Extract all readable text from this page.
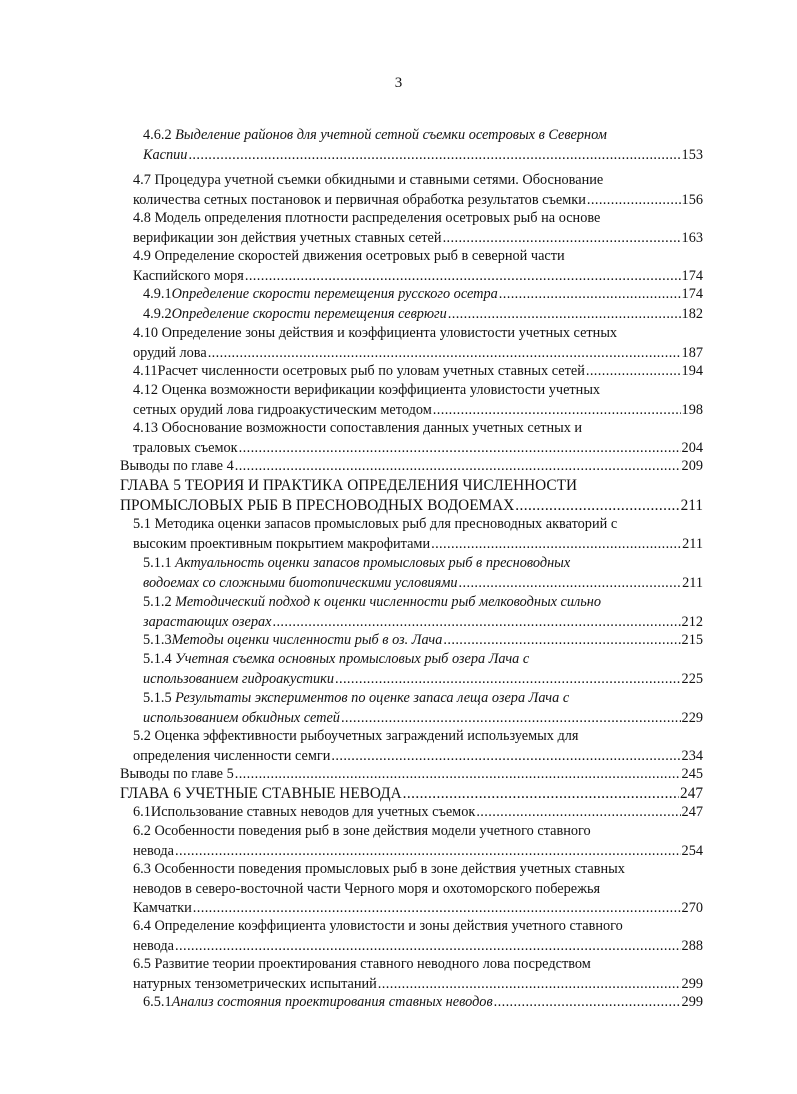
3
4.6.2 Выделение районов для учетной сетной съемки осетровых в Северном
Каспии .....	153
4.7 Процедура учетной съемки обкидными и ставными сетями. Обоснование
количества сетных постановок и первичная обработка результатов съемки .....	156
4.8 Модель определения плотности распределения осетровых рыб на основе
верификации зон действия учетных ставных сетей .....	163
4.9 Определение скоростей движения осетровых рыб в северной части
Каспийского моря .....	174
4.9.1 Определение скорости перемещения русского осетра .....	174
4.9.2 Определение скорости перемещения севрюги .....	182
4.10 Определение зоны действия и коэффициента уловистости учетных сетных
орудий лова .....	187
4.11 Расчет численности осетровых рыб по уловам учетных ставных сетей .....	194
4.12 Оценка возможности верификации коэффициента уловистости учетных
сетных орудий лова гидроакустическим методом .....	198
4.13 Обоснование возможности сопоставления данных учетных сетных и
траловых съемок .....	204
Выводы по главе 4 .....	209
ГЛАВА 5 ТЕОРИЯ И ПРАКТИКА ОПРЕДЕЛЕНИЯ ЧИСЛЕННОСТИ
ПРОМЫСЛОВЫХ РЫБ В ПРЕСНОВОДНЫХ ВОДОЕМАХ .....	211
5.1 Методика оценки запасов промысловых рыб для пресноводных акваторий с
высоким проективным покрытием макрофитами .....	211
5.1.1 Актуальность оценки запасов промысловых рыб в пресноводных
водоемах со сложными биотопическими условиями .....	211
5.1.2 Методический подход к оценки численности рыб мелководных сильно
зарастающих озерах .....	212
5.1.3 Методы оценки численности рыб в оз. Лача .....	215
5.1.4 Учетная съемка основных промысловых рыб озера Лача с
использованием гидроакустики .....	225
5.1.5 Результаты экспериментов по оценке запаса леща озера Лача с
использованием обкидных сетей .....	229
5.2 Оценка эффективности рыбоучетных заграждений используемых для
определения численности семги .....	234
Выводы по главе 5 .....	245
ГЛАВА 6 УЧЕТНЫЕ СТАВНЫЕ НЕВОДА .....	247
6.1 Использование ставных неводов для учетных съемок .....	247
6.2 Особенности поведения рыб в зоне действия модели учетного ставного
невода .....	254
6.3 Особенности поведения промысловых рыб в зоне действия учетных ставных
неводов в северо-восточной части Черного моря и охотоморского побережья
Камчатки .....	270
6.4 Определение коэффициента уловистости и зоны действия учетного ставного
невода .....	288
6.5 Развитие теории проектирования ставного неводного лова посредством
натурных тензометрических испытаний .....	299
6.5.1 Анализ состояния проектирования ставных неводов .....	299
